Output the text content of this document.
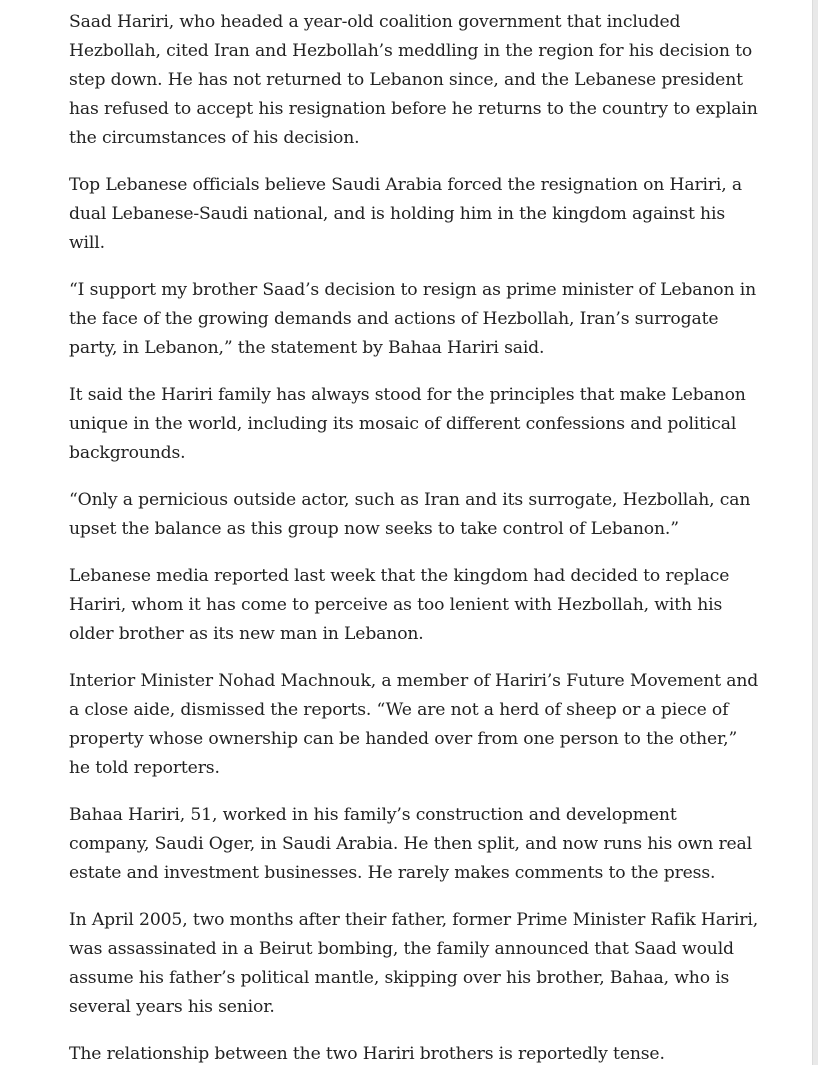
Saad Hariri, who headed a year-old coalition government that included Hezbollah, cited Iran and Hezbollah’s meddling in the region for his decision to step down. He has not returned to Lebanon since, and the Lebanese president has refused to accept his resignation before he returns to the country to explain the circumstances of his decision.

Top Lebanese officials believe Saudi Arabia forced the resignation on Hariri, a dual Lebanese-Saudi national, and is holding him in the kingdom against his will.

“I support my brother Saad’s decision to resign as prime minister of Lebanon in the face of the growing demands and actions of Hezbollah, Iran’s surrogate party, in Lebanon,” the statement by Bahaa Hariri said.

It said the Hariri family has always stood for the principles that make Lebanon unique in the world, including its mosaic of different confessions and political backgrounds.

“Only a pernicious outside actor, such as Iran and its surrogate, Hezbollah, can upset the balance as this group now seeks to take control of Lebanon.”

Lebanese media reported last week that the kingdom had decided to replace Hariri, whom it has come to perceive as too lenient with Hezbollah, with his older brother as its new man in Lebanon.

Interior Minister Nohad Machnouk, a member of Hariri’s Future Movement and a close aide, dismissed the reports. “We are not a herd of sheep or a piece of property whose ownership can be handed over from one person to the other,” he told reporters.

Bahaa Hariri, 51, worked in his family’s construction and development company, Saudi Oger, in Saudi Arabia. He then split, and now runs his own real estate and investment businesses. He rarely makes comments to the press.

In April 2005, two months after their father, former Prime Minister Rafik Hariri, was assassinated in a Beirut bombing, the family announced that Saad would assume his father’s political mantle, skipping over his brother, Bahaa, who is several years his senior.

The relationship between the two Hariri brothers is reportedly tense.
